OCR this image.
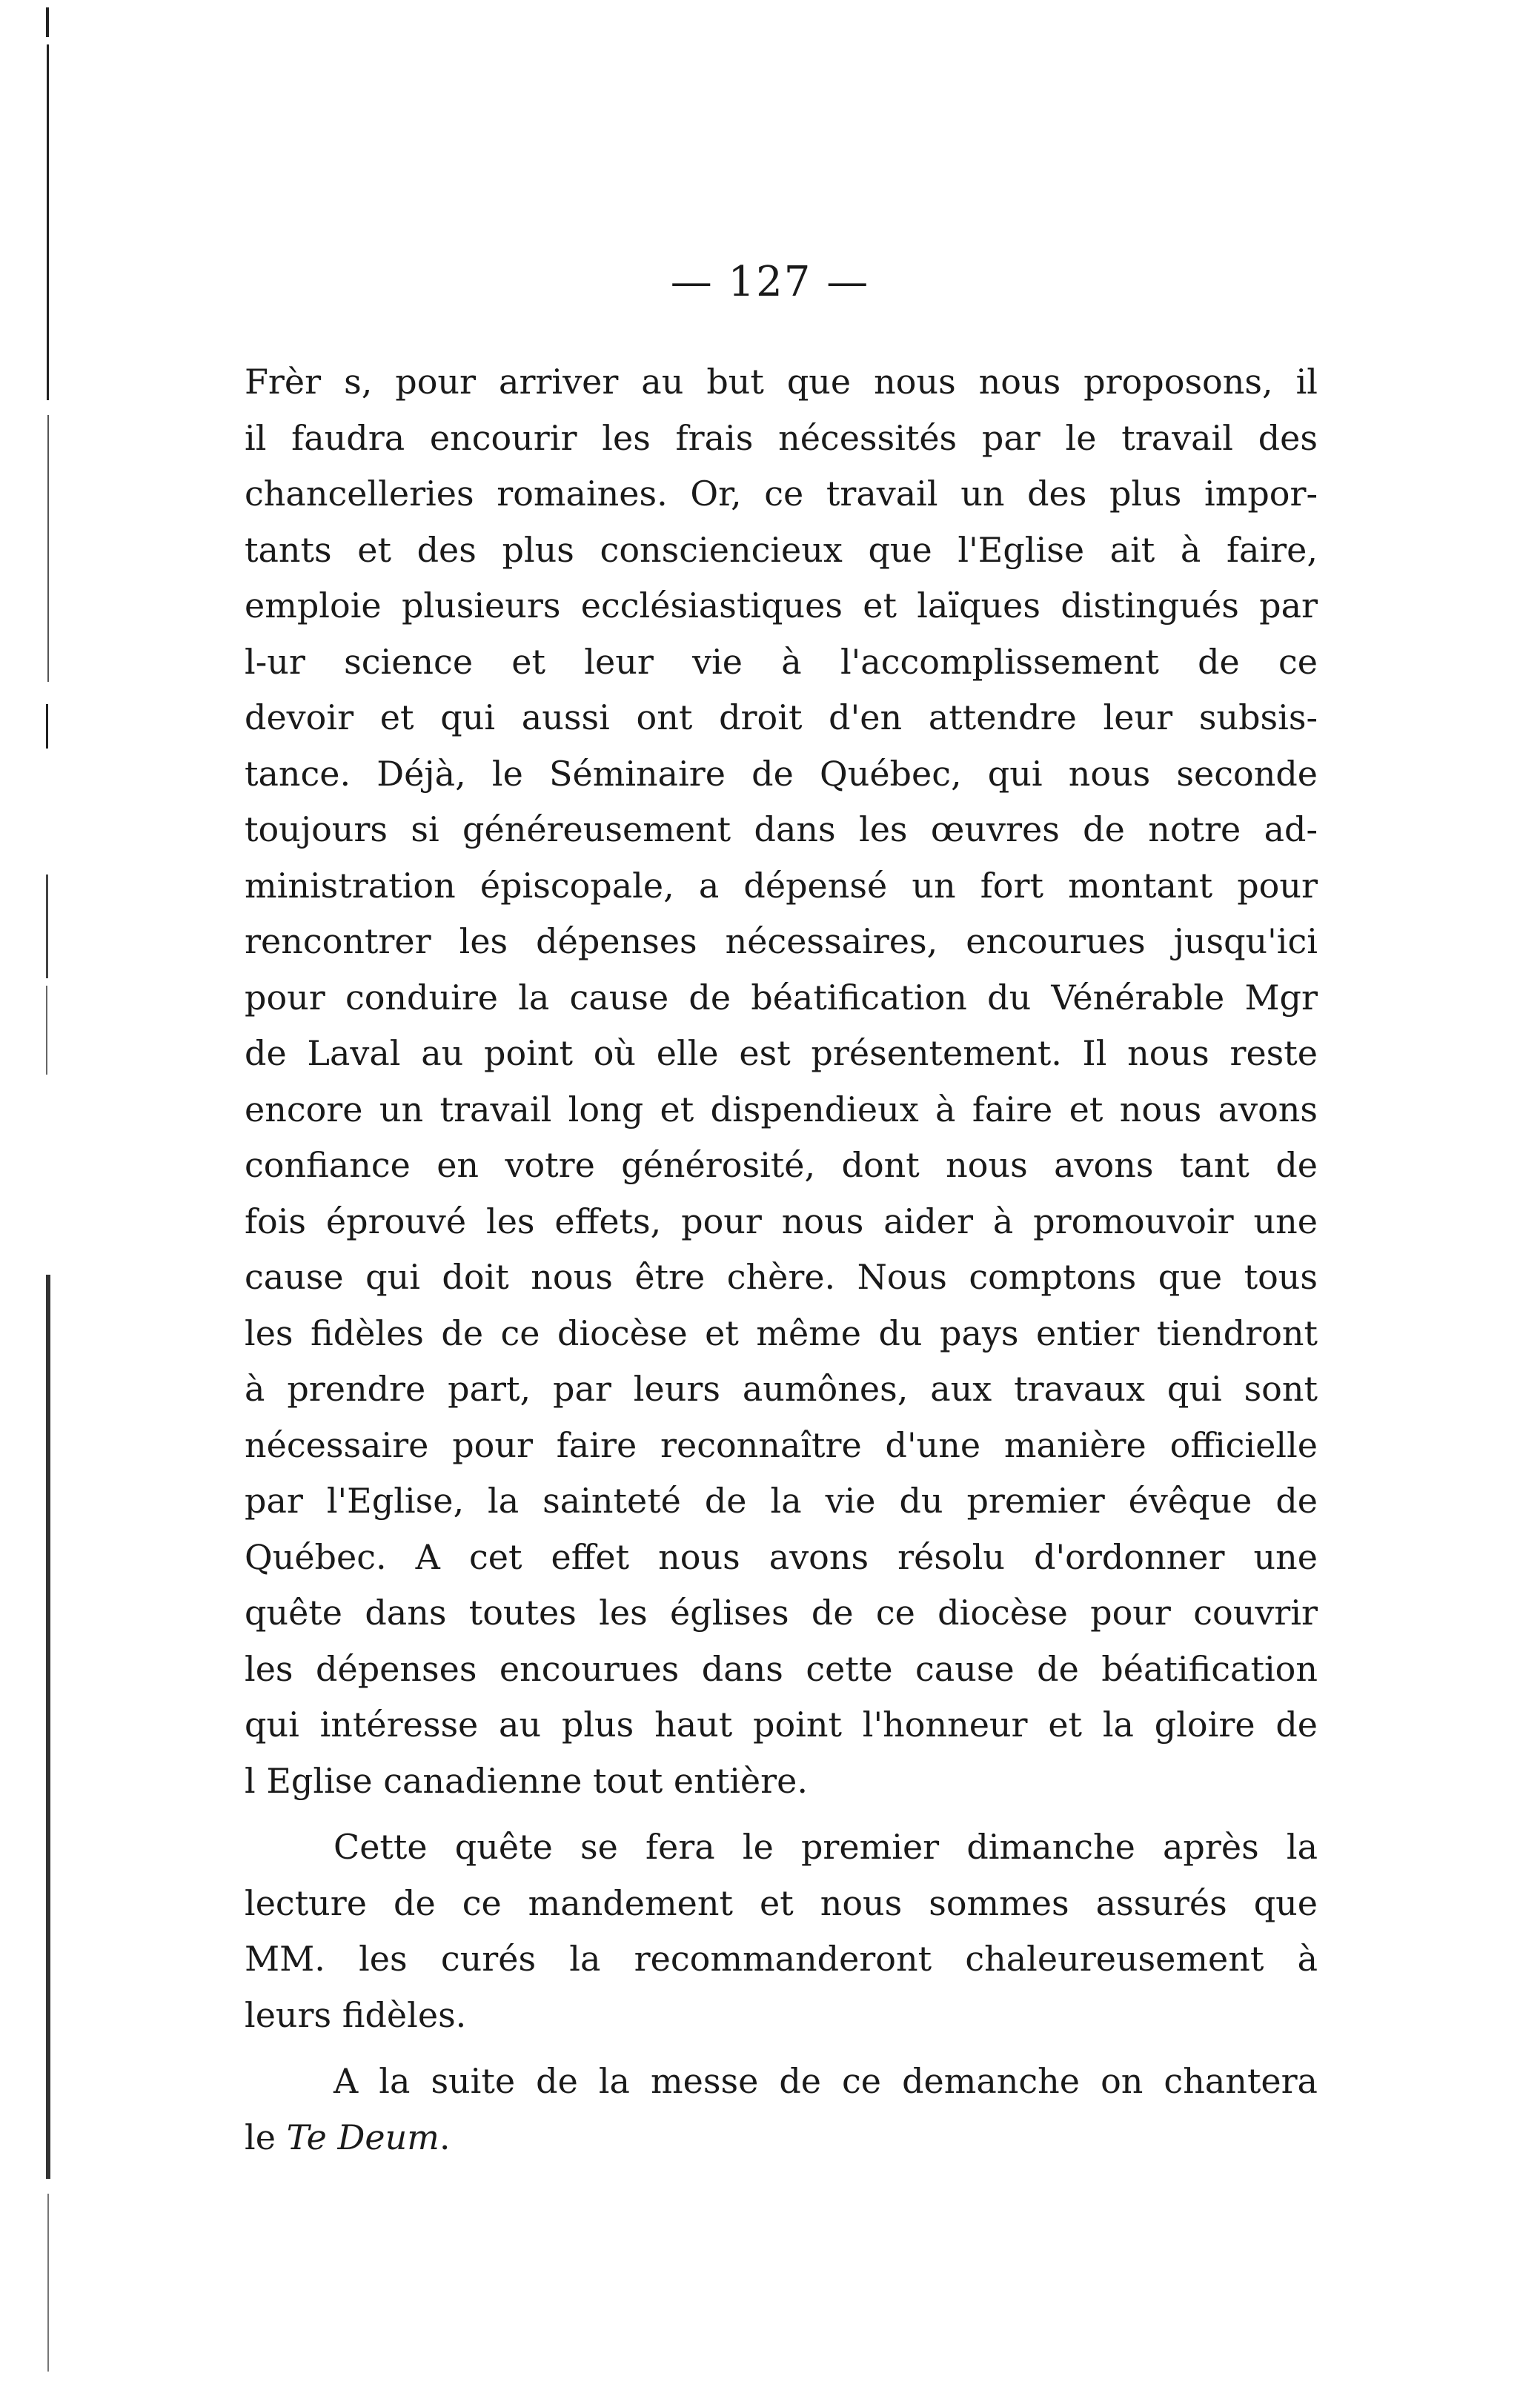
— 127 —

Frèr s, pour arriver au but que nous nous proposons, il
il faudra encourir les frais nécessités par le travail des
chancelleries romaines. Or, ce travail un des plus impor-
tants et des plus consciencieux que l'Eglise ait à faire,
emploie plusieurs ecclésiastiques et laïques distingués par
l-ur science et leur vie à l'accomplissement de ce
devoir et qui aussi ont droit d'en attendre leur subsis-
tance. Déjà, le Séminaire de Québec, qui nous seconde
toujours si généreusement dans les œuvres de notre ad-
ministration épiscopale, a dépensé un fort montant pour
rencontrer les dépenses nécessaires, encourues jusqu'ici
pour conduire la cause de béatification du Vénérable Mgr
de Laval au point où elle est présentement. Il nous reste
encore un travail long et dispendieux à faire et nous avons
confiance en votre générosité, dont nous avons tant de
fois éprouvé les effets, pour nous aider à promouvoir une
cause qui doit nous être chère. Nous comptons que tous
les fidèles de ce diocèse et même du pays entier tiendront
à prendre part, par leurs aumônes, aux travaux qui sont
nécessaire pour faire reconnaître d'une manière officielle
par l'Eglise, la sainteté de la vie du premier évêque de
Québec. A cet effet nous avons résolu d'ordonner une
quête dans toutes les églises de ce diocèse pour couvrir
les dépenses encourues dans cette cause de béatification
qui intéresse au plus haut point l'honneur et la gloire de
l Eglise canadienne tout entière.

Cette quête se fera le premier dimanche après la
lecture de ce mandement et nous sommes assurés que
MM. les curés la recommanderont chaleureusement à
leurs fidèles.

A la suite de la messe de ce demanche on chantera
le Te Deum.
